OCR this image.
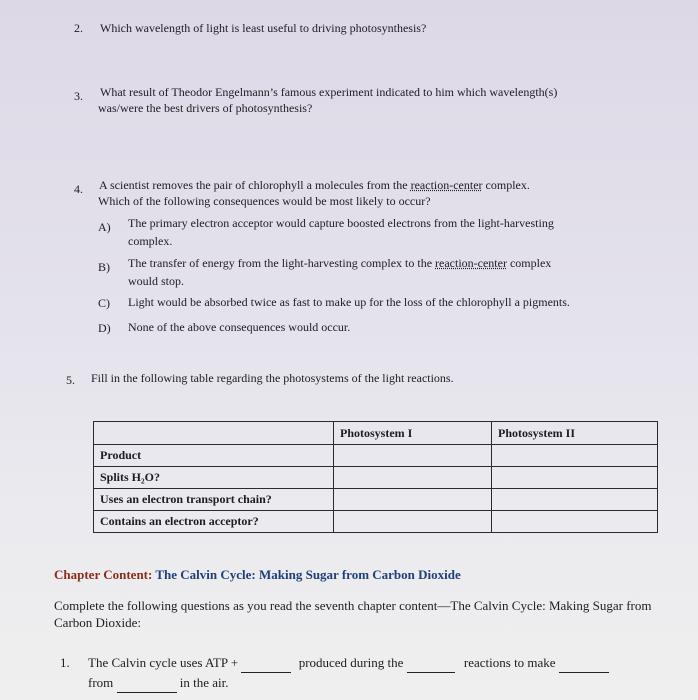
2. Which wavelength of light is least useful to driving photosynthesis?
3. What result of Theodor Engelmann’s famous experiment indicated to him which wavelength(s)
was/were the best drivers of photosynthesis?
4. A scientist removes the pair of chlorophyll a molecules from the reaction-center complex.
Which of the following consequences would be most likely to occur?
A) The primary electron acceptor would capture boosted electrons from the light-harvesting
complex.
B) The transfer of energy from the light-harvesting complex to the reaction-center complex
would stop.
C) Light would be absorbed twice as fast to make up for the loss of the chlorophyll a pigments.
D) None of the above consequences would occur.
5. Fill in the following table regarding the photosystems of the light reactions.
	Photosystem I	Photosystem II
Product		
Splits H₂O?		
Uses an electron transport chain?		
Contains an electron acceptor?		
Chapter Content: The Calvin Cycle: Making Sugar from Carbon Dioxide
Complete the following questions as you read the seventh chapter content—The Calvin Cycle: Making Sugar from Carbon Dioxide:
1. The Calvin cycle uses ATP +	produced during the	reactions to make
from	in the air.
